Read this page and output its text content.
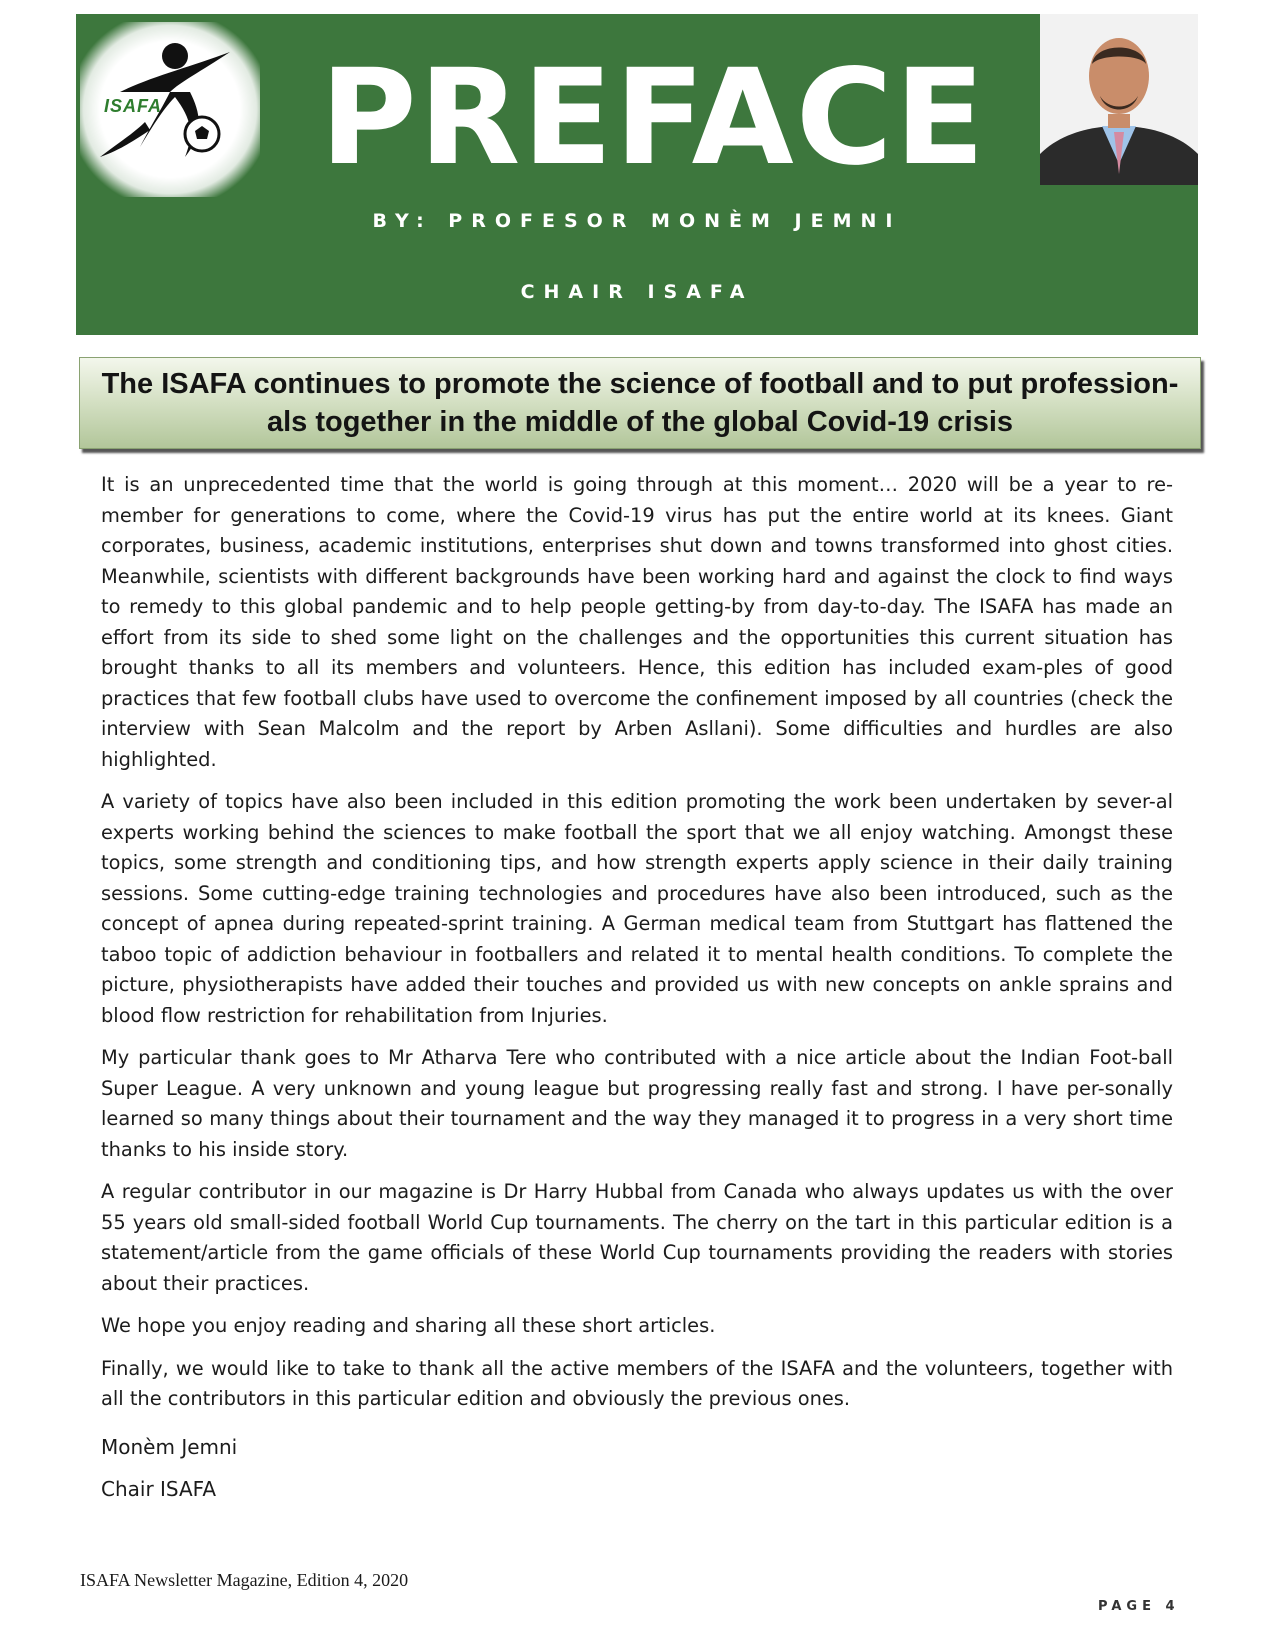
ISAFA PREFACE
BY: PROFESOR MONÈM JEMNI
CHAIR ISAFA
The ISAFA continues to promote the science of football and to put profession-als together in the middle of the global Covid-19 crisis

It is an unprecedented time that the world is going through at this moment… 2020 will be a year to re-member for generations to come, where the Covid-19 virus has put the entire world at its knees. Giant corporates, business, academic institutions, enterprises shut down and towns transformed into ghost cities. Meanwhile, scientists with different backgrounds have been working hard and against the clock to find ways to remedy to this global pandemic and to help people getting-by from day-to-day. The ISAFA has made an effort from its side to shed some light on the challenges and the opportunities this current situation has brought thanks to all its members and volunteers. Hence, this edition has included exam-ples of good practices that few football clubs have used to overcome the confinement imposed by all countries (check the interview with Sean Malcolm and the report by Arben Asllani). Some difficulties and hurdles are also highlighted.

A variety of topics have also been included in this edition promoting the work been undertaken by sever-al experts working behind the sciences to make football the sport that we all enjoy watching. Amongst these topics, some strength and conditioning tips, and how strength experts apply science in their daily training sessions. Some cutting-edge training technologies and procedures have also been introduced, such as the concept of apnea during repeated-sprint training. A German medical team from Stuttgart has flattened the taboo topic of addiction behaviour in footballers and related it to mental health conditions. To complete the picture, physiotherapists have added their touches and provided us with new concepts on ankle sprains and blood flow restriction for rehabilitation from Injuries.

My particular thank goes to Mr Atharva Tere who contributed with a nice article about the Indian Foot-ball Super League. A very unknown and young league but progressing really fast and strong. I have per-sonally learned so many things about their tournament and the way they managed it to progress in a very short time thanks to his inside story.

A regular contributor in our magazine is Dr Harry Hubbal from Canada who always updates us with the over 55 years old small-sided football World Cup tournaments. The cherry on the tart in this particular edition is a statement/article from the game officials of these World Cup tournaments providing the readers with stories about their practices.

We hope you enjoy reading and sharing all these short articles.

Finally, we would like to take to thank all the active members of the ISAFA and the volunteers, together with all the contributors in this particular edition and obviously the previous ones.

Monèm Jemni
Chair ISAFA
ISAFA Newsletter Magazine, Edition 4, 2020
PAGE 4
